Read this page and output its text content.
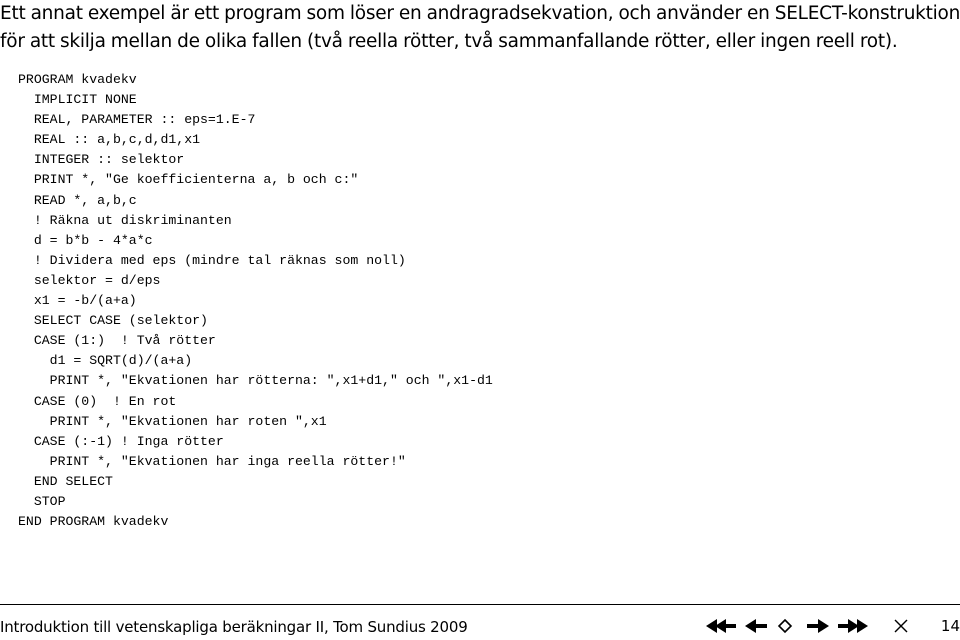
Ett annat exempel är ett program som löser en andragradsekvation, och använder en SELECT-konstruktion

för att skilja mellan de olika fallen (två reella rötter, två sammanfallande rötter, eller ingen reell rot).

PROGRAM kvadekv
IMPLICIT NONE
REAL, PARAMETER :: eps=1.E-7
REAL :: a,b,c,d,d1,x1
INTEGER :: selektor
PRINT *, "Ge koefficienterna a, b och c:"
READ *, a,b,c
! Räkna ut diskriminanten
d = b*b - 4*a*c
! Dividera med eps (mindre tal räknas som noll)
selektor = d/eps
x1 = -b/(a+a)
SELECT CASE (selektor)
CASE (1:)  ! Två rötter
d1 = SQRT(d)/(a+a)
PRINT *, "Ekvationen har rötterna: ",x1+d1," och ",x1-d1
CASE (0)  ! En rot
PRINT *, "Ekvationen har roten ",x1
CASE (:-1) ! Inga rötter
PRINT *, "Ekvationen har inga reella rötter!"
END SELECT
STOP
END PROGRAM kvadekv
Introduktion till vetenskapliga beräkningar II, Tom Sundius 2009	14
